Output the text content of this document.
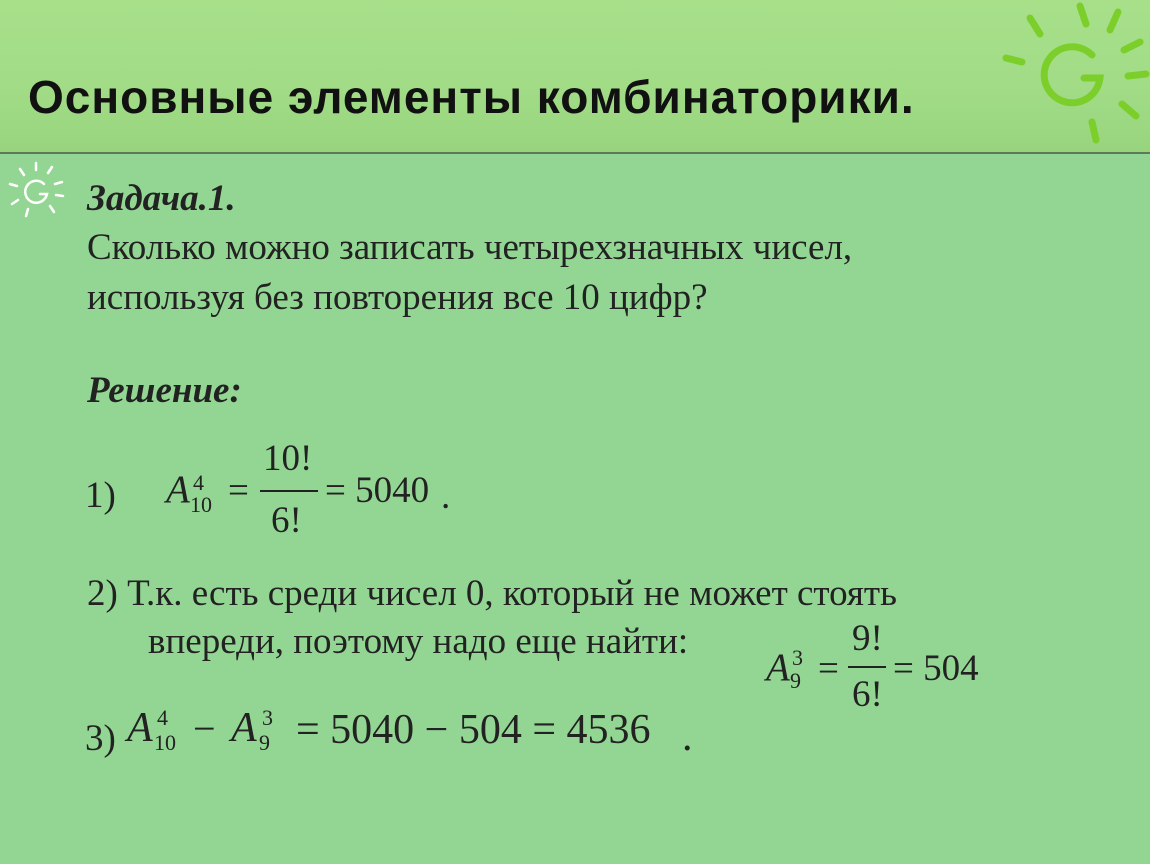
Основные элементы комбинаторики.
Задача.1.
Сколько можно записать четырехзначных чисел,
используя без повторения все 10 цифр?
Решение:
1) A 4
10 =
10!
6!
= 5040 .
2) Т.к. есть среди чисел 0, который не может стоять
впереди, поэтому надо еще найти:
A 3
9 =
9!
6!
= 504
3) A 4
10 − A 3
9 = 5040 − 504 = 4536 .
